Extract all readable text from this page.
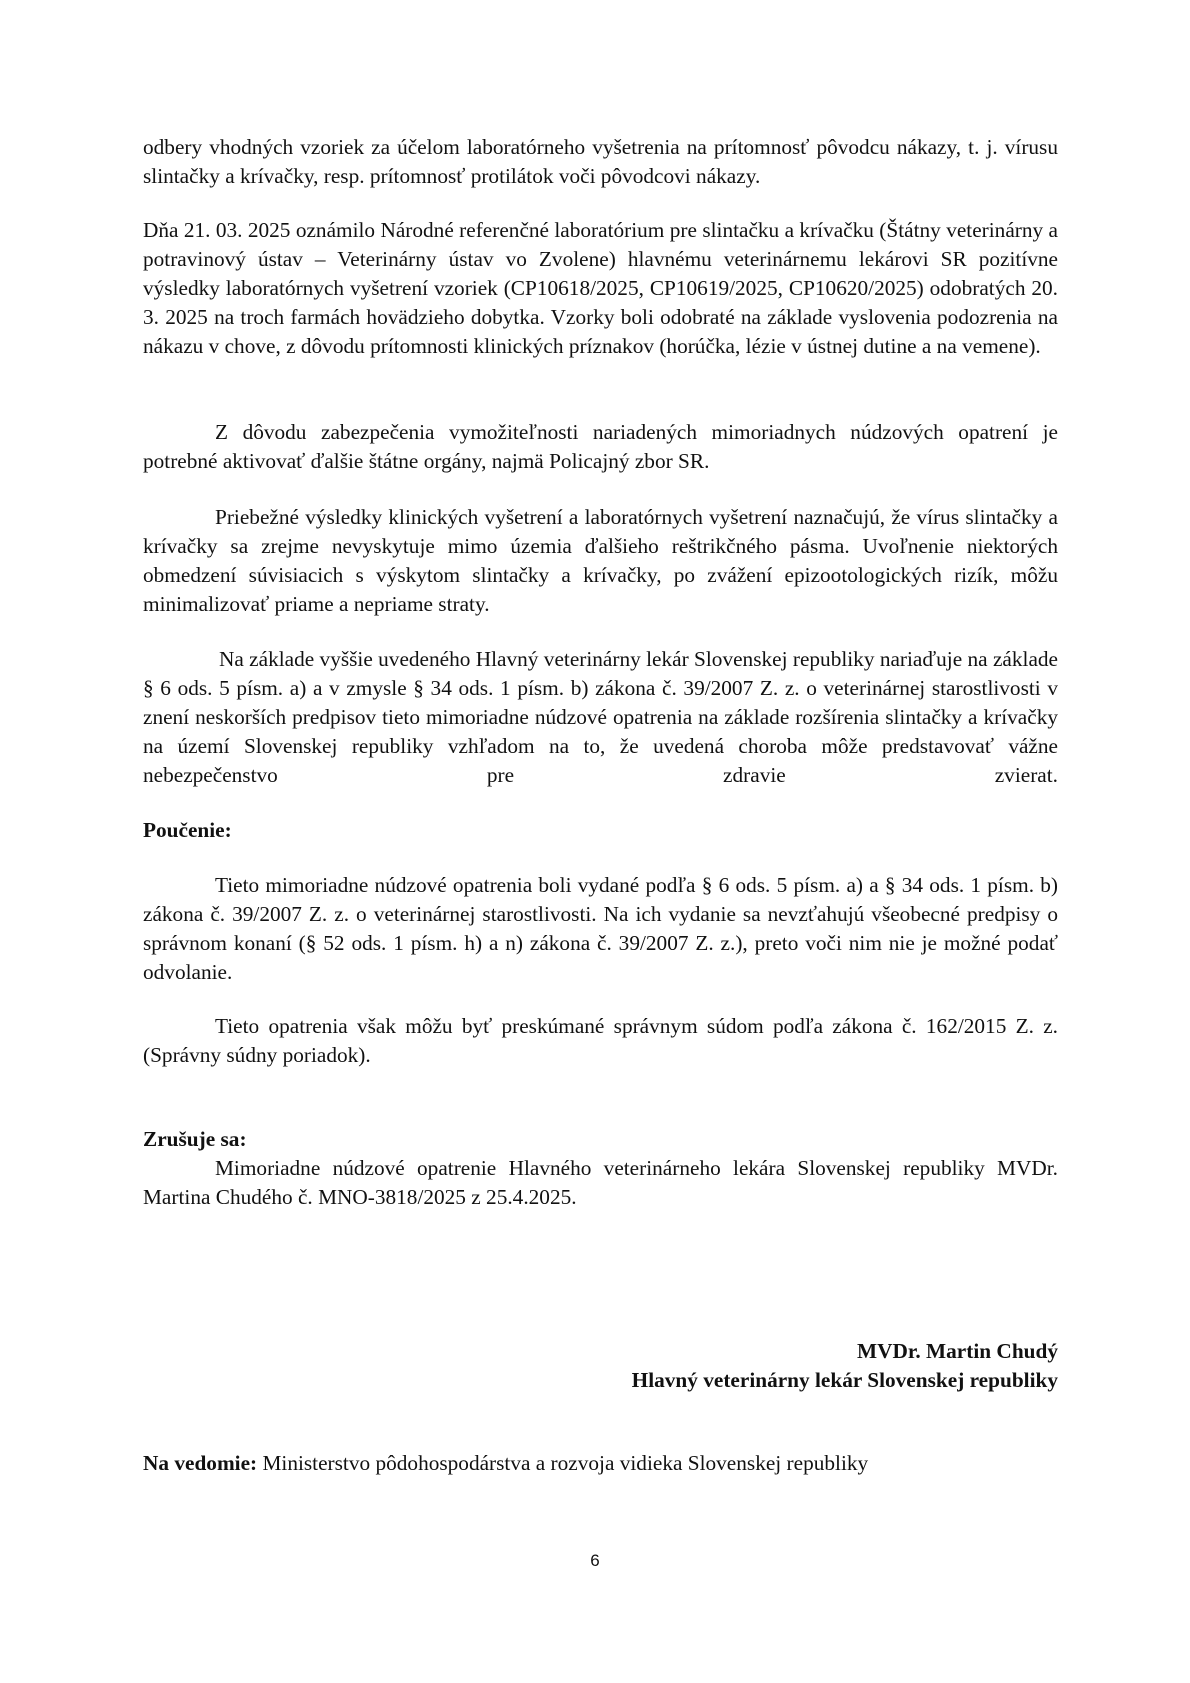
odbery vhodných vzoriek za účelom laboratórneho vyšetrenia na prítomnosť pôvodcu nákazy, t. j. vírusu slintačky a krívačky, resp. prítomnosť protilátok voči pôvodcovi nákazy.

Dňa 21. 03. 2025 oznámilo Národné referenčné laboratórium pre slintačku a krívačku (Štátny veterinárny a potravinový ústav – Veterinárny ústav vo Zvolene) hlavnému veterinárnemu lekárovi SR pozitívne výsledky laboratórnych vyšetrení vzoriek (CP10618/2025, CP10619/2025, CP10620/2025) odobratých 20. 3. 2025 na troch farmách hovädzieho dobytka. Vzorky boli odobraté na základe vyslovenia podozrenia na nákazu v chove, z dôvodu prítomnosti klinických príznakov (horúčka, lézie v ústnej dutine a na vemene).

Z dôvodu zabezpečenia vymožiteľnosti nariadených mimoriadnych núdzových opatrení je potrebné aktivovať ďalšie štátne orgány, najmä Policajný zbor SR.

Priebežné výsledky klinických vyšetrení a laboratórnych vyšetrení naznačujú, že vírus slintačky a krívačky sa zrejme nevyskytuje mimo územia ďalšieho reštrikčného pásma. Uvoľnenie niektorých obmedzení súvisiacich s výskytom slintačky a krívačky, po zvážení epizootologických rizík, môžu minimalizovať priame a nepriame straty.

Na základe vyššie uvedeného Hlavný veterinárny lekár Slovenskej republiky nariaďuje na základe § 6 ods. 5 písm. a) a v zmysle § 34 ods. 1 písm. b) zákona č. 39/2007 Z. z. o veterinárnej starostlivosti v znení neskorších predpisov tieto mimoriadne núdzové opatrenia na základe rozšírenia slintačky a krívačky na území Slovenskej republiky vzhľadom na to, že uvedená choroba môže predstavovať vážne nebezpečenstvo pre zdravie zvierat.

Poučenie:

Tieto mimoriadne núdzové opatrenia boli vydané podľa § 6 ods. 5 písm. a) a § 34 ods. 1 písm. b) zákona č. 39/2007 Z. z. o veterinárnej starostlivosti. Na ich vydanie sa nevzťahujú všeobecné predpisy o správnom konaní (§ 52 ods. 1 písm. h) a n) zákona č. 39/2007 Z. z.), preto voči nim nie je možné podať odvolanie.

Tieto opatrenia však môžu byť preskúmané správnym súdom podľa zákona č. 162/2015 Z. z. (Správny súdny poriadok).

Zrušuje sa:

Mimoriadne núdzové opatrenie Hlavného veterinárneho lekára Slovenskej republiky MVDr. Martina Chudého č. MNO-3818/2025 z 25.4.2025.

MVDr. Martin Chudý
Hlavný veterinárny lekár Slovenskej republiky
Na vedomie: Ministerstvo pôdohospodárstva a rozvoja vidieka Slovenskej republiky
6
